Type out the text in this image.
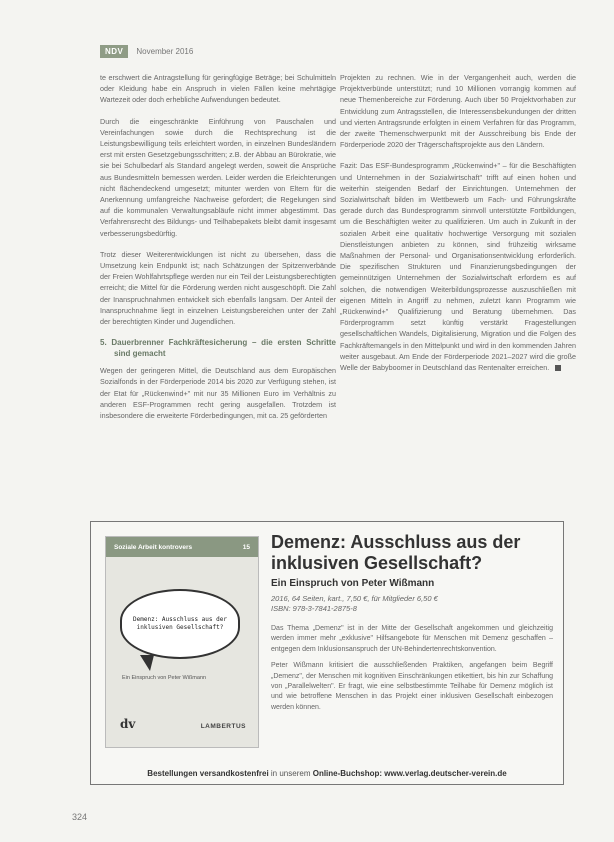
NDV	November 2016

te erschwert die Antragstellung für geringfügige Beträge; bei Schulmitteln oder Kleidung habe ein Anspruch in vielen Fällen keine mehrtägige Wartezeit oder doch erhebliche Aufwendungen bedeutet.

Durch die eingeschränkte Einführung von Pauschalen und Vereinfachungen sowie durch die Rechtsprechung ist die Leistungsbewilligung teils erleichtert worden, in einzelnen Bundesländern erst mit ersten Gesetzgebungsschritten; z.B. der Abbau an Bürokratie, wie sie bei Schulbedarf als Standard angelegt werden, soweit die Ansprüche aus Bundesmitteln bemessen werden. Leider werden die Erleichterungen nicht flächendeckend umgesetzt; mitunter werden von Eltern für die Anerkennung umfangreiche Nachweise gefordert; die Regelungen sind auf die kommunalen Verwaltungsabläufe nicht immer abgestimmt. Das Verfahrensrecht des Bildungs- und Teilhabepakets bleibt damit insgesamt verbesserungsbedürftig.

Trotz dieser Weiterentwicklungen ist nicht zu übersehen, dass die Umsetzung kein Endpunkt ist; nach Schätzungen der Spitzenverbände der Freien Wohlfahrtspflege werden nur ein Teil der Leistungsberechtigten erreicht; die Mittel für die Förderung werden nicht ausgeschöpft. Die Zahl der Inanspruchnahmen entwickelt sich ebenfalls langsam. Der Anteil der Inanspruchnahme liegt in einzelnen Leistungsbereichen unter der Zahl der berechtigten Kinder und Jugendlichen.

5. Dauerbrenner Fachkräftesicherung – die ersten Schritte sind gemacht

Wegen der geringeren Mittel, die Deutschland aus dem Europäischen Sozialfonds in der Förderperiode 2014 bis 2020 zur Verfügung stehen, ist der Etat für „Rückenwind+" mit nur 35 Millionen Euro im Verhältnis zu anderen ESF-Programmen recht gering ausgefallen. Trotzdem ist insbesondere die erweiterte Förderbedingungen, mit ca. 25 geförderten

Projekten zu rechnen. Wie in der Vergangenheit auch, werden die Projektverbünde unterstützt; rund 10 Millionen vorrangig kommen auf neue Themenbereiche zur Förderung. Auch über 50 Projektvorhaben zur Entwicklung zum Antragsstellen, die Interessensbekundungen der dritten und vierten Antragsrunde erfolgten in einem Verfahren für das Programm, der zweite Themenschwerpunkt mit der Ausschreibung bis Ende der Förderperiode 2020 der Trägerschaftsprojekte aus den Ländern.

Fazit: Das ESF-Bundesprogramm „Rückenwind+" – für die Beschäftigten und Unternehmen in der Sozialwirtschaft" trifft auf einen hohen und weiterhin steigenden Bedarf der Einrichtungen. Unternehmen der Sozialwirtschaft bilden im Wettbewerb um Fach- und Führungskräfte gerade durch das Bundesprogramm sinnvoll unterstützte Fortbildungen, um die Beschäftigten weiter zu qualifizieren. Um auch in Zukunft in der sozialen Arbeit eine qualitativ hochwertige Versorgung mit sozialen Dienstleistungen anbieten zu können, sind frühzeitig wirksame Maßnahmen der Personal- und Organisationsentwicklung erforderlich. Die spezifischen Strukturen und Finanzierungsbedingungen der gemeinnützigen Unternehmen der Sozialwirtschaft erfordern es auf solchen, die notwendigen Weiterbildungsprozesse auszuschließen mit eigenen Mitteln in Angriff zu nehmen, zuletzt kann Programm wie „Rückenwind+" Qualifizierung und Beratung übernehmen. Das Förderprogramm setzt künftig verstärkt Fragestellungen gesellschaftlichen Wandels, Digitalisierung, Migration und die Folgen des Fachkräftemangels in den Mittelpunkt und wird in den kommenden Jahren weiter ausgebaut. Am Ende der Förderperiode 2021–2027 wird die große Welle der Babyboomer in Deutschland das Rentenalter erreichen.

Soziale Arbeit kontrovers	15
Demenz: Ausschluss aus der inklusiven Gesellschaft?
Ein Einspruch von Peter Wißmann
dv	LAMBERTUS
Demenz: Ausschluss aus der inklusiven Gesellschaft?
Ein Einspruch von Peter Wißmann
2016, 64 Seiten, kart., 7,50 €, für Mitglieder 6,50 €
ISBN: 978-3-7841-2875-8

Das Thema „Demenz" ist in der Mitte der Gesellschaft angekommen und gleichzeitig werden immer mehr „exklusive" Hilfsangebote für Menschen mit Demenz geschaffen – entgegen dem Inklusionsanspruch der UN-Behindertenrechtskonvention.

Peter Wißmann kritisiert die ausschließenden Praktiken, angefangen beim Begriff „Demenz", der Menschen mit kognitiven Einschränkungen etikettiert, bis hin zur Schaffung von „Parallelwelten". Er fragt, wie eine selbstbestimmte Teilhabe für Demenz möglich ist und wie betroffene Menschen in das Projekt einer inklusiven Gesellschaft einbezogen werden können.

Bestellungen versandkostenfrei in unserem Online-Buchshop: www.verlag.deutscher-verein.de
324
